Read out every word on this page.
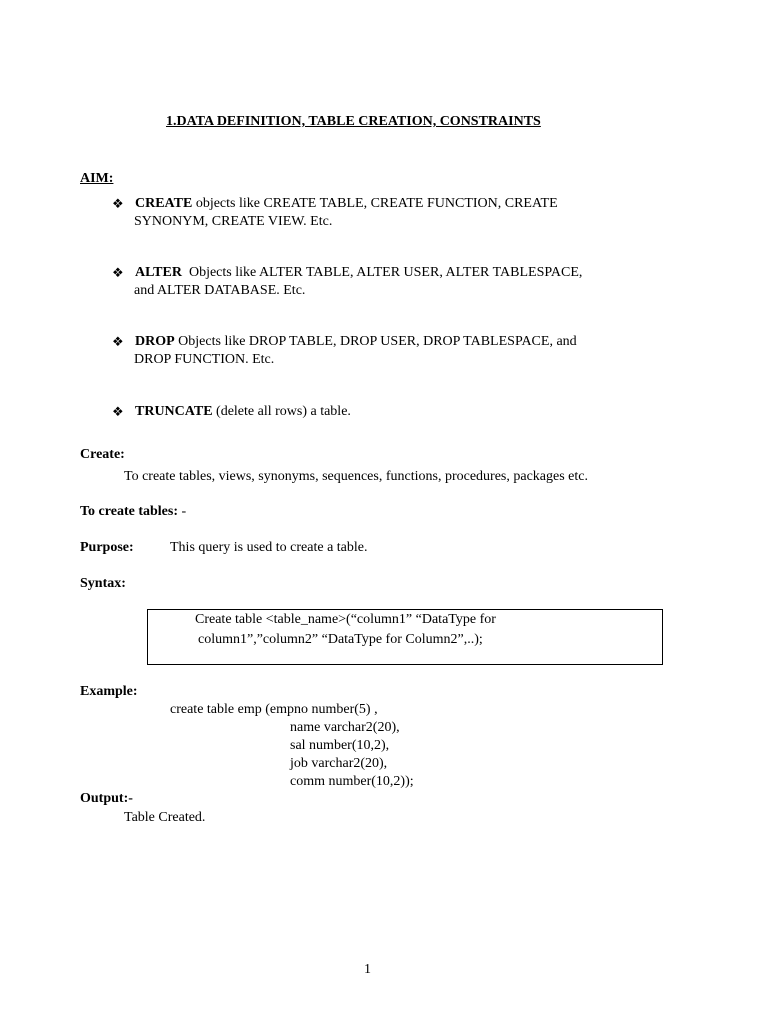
1.DATA DEFINITION, TABLE CREATION, CONSTRAINTS
AIM:
❖ CREATE objects like CREATE TABLE, CREATE FUNCTION, CREATE
SYNONYM, CREATE VIEW. Etc.
❖ ALTER  Objects like ALTER TABLE, ALTER USER, ALTER TABLESPACE,
and ALTER DATABASE. Etc.
❖ DROP Objects like DROP TABLE, DROP USER, DROP TABLESPACE, and
DROP FUNCTION. Etc.
❖ TRUNCATE (delete all rows) a table.
Create:
To create tables, views, synonyms, sequences, functions, procedures, packages etc.
To create tables: -
Purpose:	This query is used to create a table.
Syntax:
Create table <table_name>(“column1” “DataType for
column1”,”column2” “DataType for Column2”,..);
Example:
create table emp (empno number(5) ,
name varchar2(20),
sal number(10,2),
job varchar2(20),
comm number(10,2));
Output:-
Table Created.
1
